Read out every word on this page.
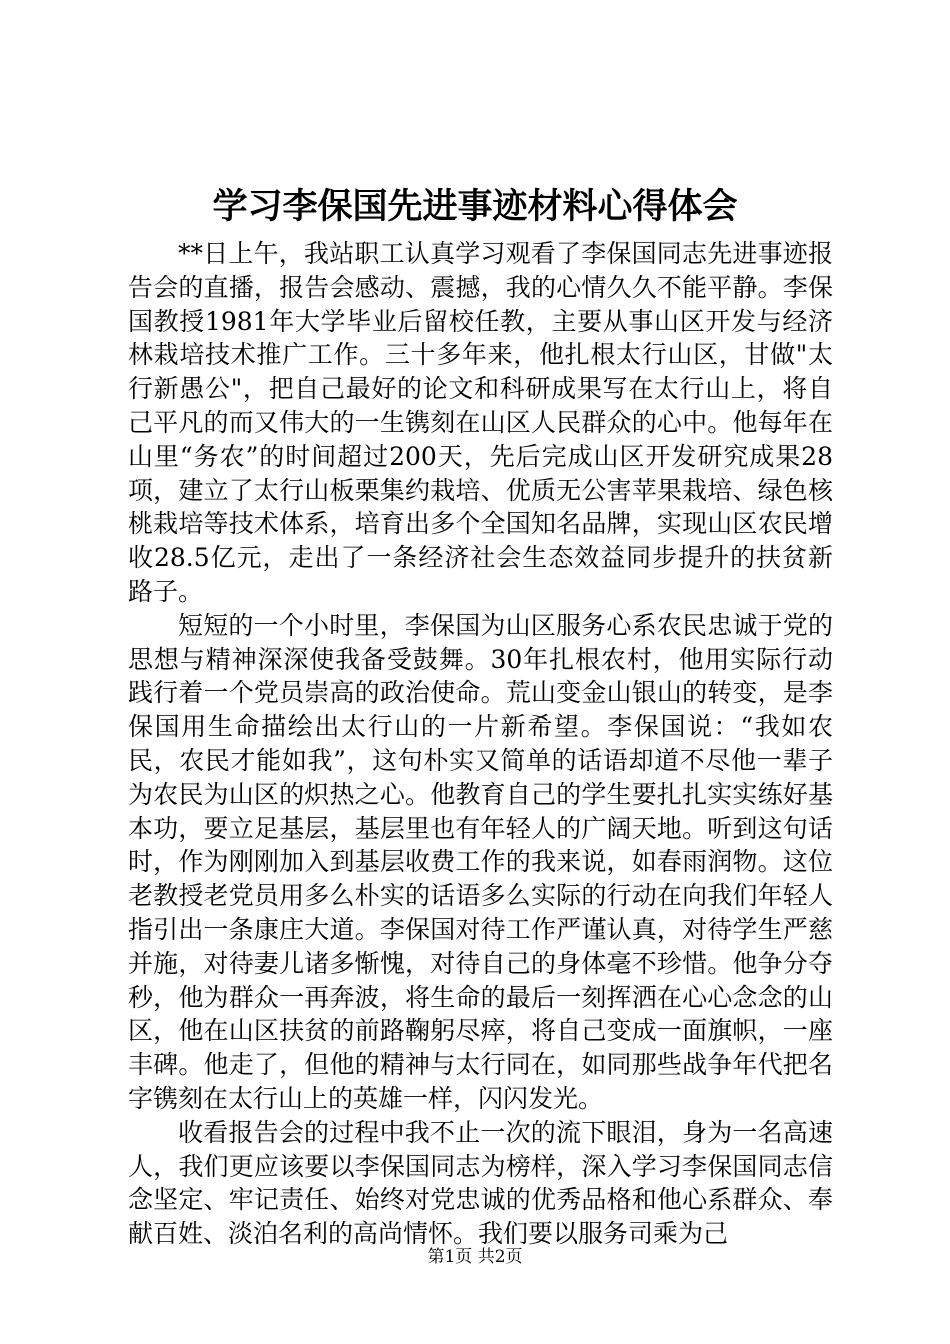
学习李保国先进事迹材料心得体会

**日上午，我站职工认真学习观看了李保国同志先进事迹报告会的直播，报告会感动、震撼，我的心情久久不能平静。李保国教授1981年大学毕业后留校任教，主要从事山区开发与经济林栽培技术推广工作。三十多年来，他扎根太行山区，甘做"太行新愚公"，把自己最好的论文和科研成果写在太行山上，将自己平凡的而又伟大的一生镌刻在山区人民群众的心中。他每年在山里“务农”的时间超过200天，先后完成山区开发研究成果28项，建立了太行山板栗集约栽培、优质无公害苹果栽培、绿色核桃栽培等技术体系，培育出多个全国知名品牌，实现山区农民增收28.5亿元，走出了一条经济社会生态效益同步提升的扶贫新路子。

短短的一个小时里，李保国为山区服务心系农民忠诚于党的思想与精神深深使我备受鼓舞。30年扎根农村，他用实际行动践行着一个党员崇高的政治使命。荒山变金山银山的转变，是李保国用生命描绘出太行山的一片新希望。李保国说：“我如农民，农民才能如我”，这句朴实又简单的话语却道不尽他一辈子为农民为山区的炽热之心。他教育自己的学生要扎扎实实练好基本功，要立足基层，基层里也有年轻人的广阔天地。听到这句话时，作为刚刚加入到基层收费工作的我来说，如春雨润物。这位老教授老党员用多么朴实的话语多么实际的行动在向我们年轻人指引出一条康庄大道。李保国对待工作严谨认真，对待学生严慈并施，对待妻儿诸多惭愧，对待自己的身体毫不珍惜。他争分夺秒，他为群众一再奔波，将生命的最后一刻挥洒在心心念念的山区，他在山区扶贫的前路鞠躬尽瘁，将自己变成一面旗帜，一座丰碑。他走了，但他的精神与太行同在，如同那些战争年代把名字镌刻在太行山上的英雄一样，闪闪发光。

收看报告会的过程中我不止一次的流下眼泪，身为一名高速人，我们更应该要以李保国同志为榜样，深入学习李保国同志信念坚定、牢记责任、始终对党忠诚的优秀品格和他心系群众、奉献百姓、淡泊名利的高尚情怀。我们要以服务司乘为己

第1页 共2页
